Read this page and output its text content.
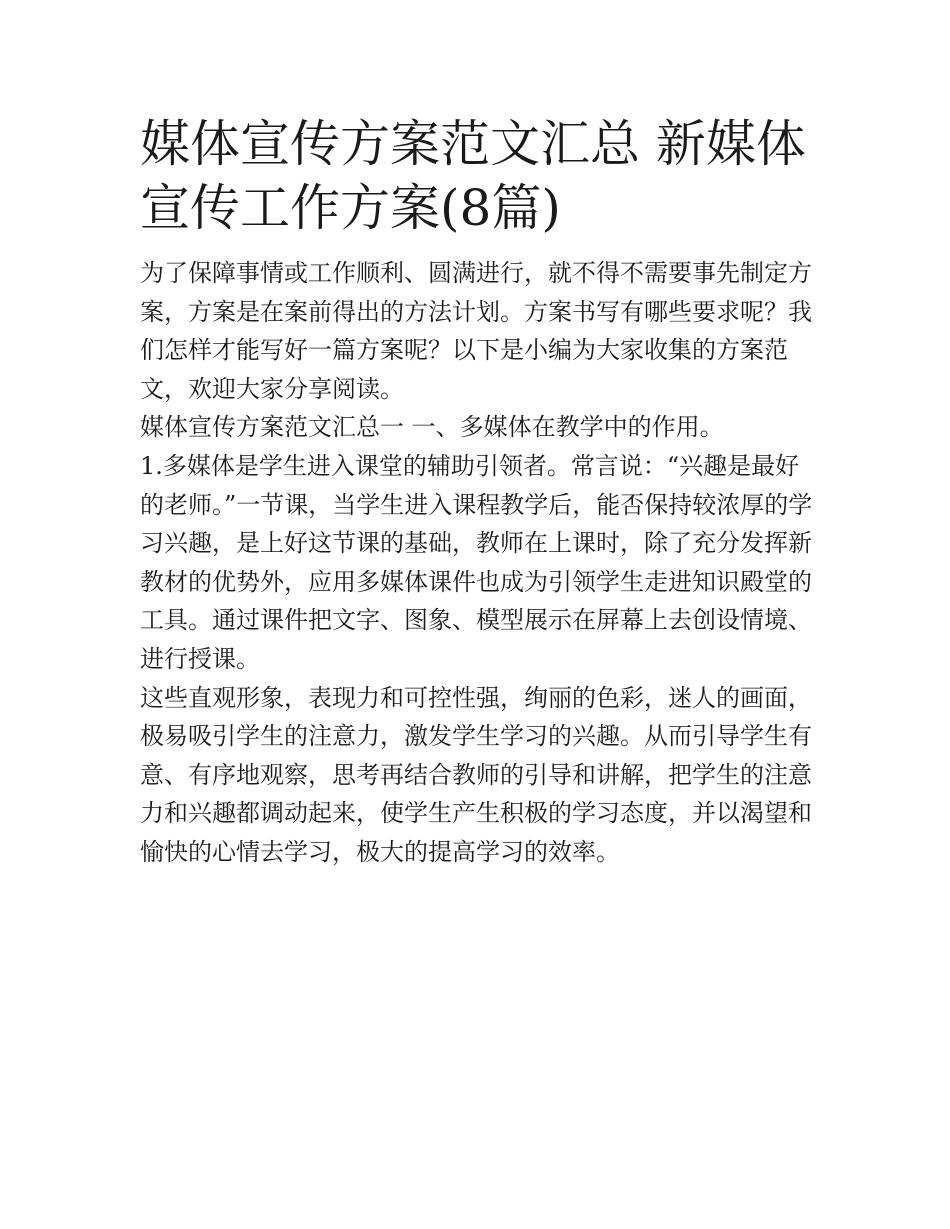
媒体宣传方案范文汇总 新媒体宣传工作方案(8篇)

为了保障事情或工作顺利、圆满进行，就不得不需要事先制定方案，方案是在案前得出的方法计划。方案书写有哪些要求呢？我们怎样才能写好一篇方案呢？以下是小编为大家收集的方案范文，欢迎大家分享阅读。

媒体宣传方案范文汇总一 一、多媒体在教学中的作用。

1.多媒体是学生进入课堂的辅助引领者。常言说：“兴趣是最好的老师。”一节课，当学生进入课程教学后，能否保持较浓厚的学习兴趣，是上好这节课的基础，教师在上课时，除了充分发挥新教材的优势外，应用多媒体课件也成为引领学生走进知识殿堂的工具。通过课件把文字、图象、模型展示在屏幕上去创设情境、进行授课。

这些直观形象，表现力和可控性强，绚丽的色彩，迷人的画面，极易吸引学生的注意力，激发学生学习的兴趣。从而引导学生有意、有序地观察，思考再结合教师的引导和讲解，把学生的注意力和兴趣都调动起来，使学生产生积极的学习态度，并以渴望和愉快的心情去学习，极大的提高学习的效率。
